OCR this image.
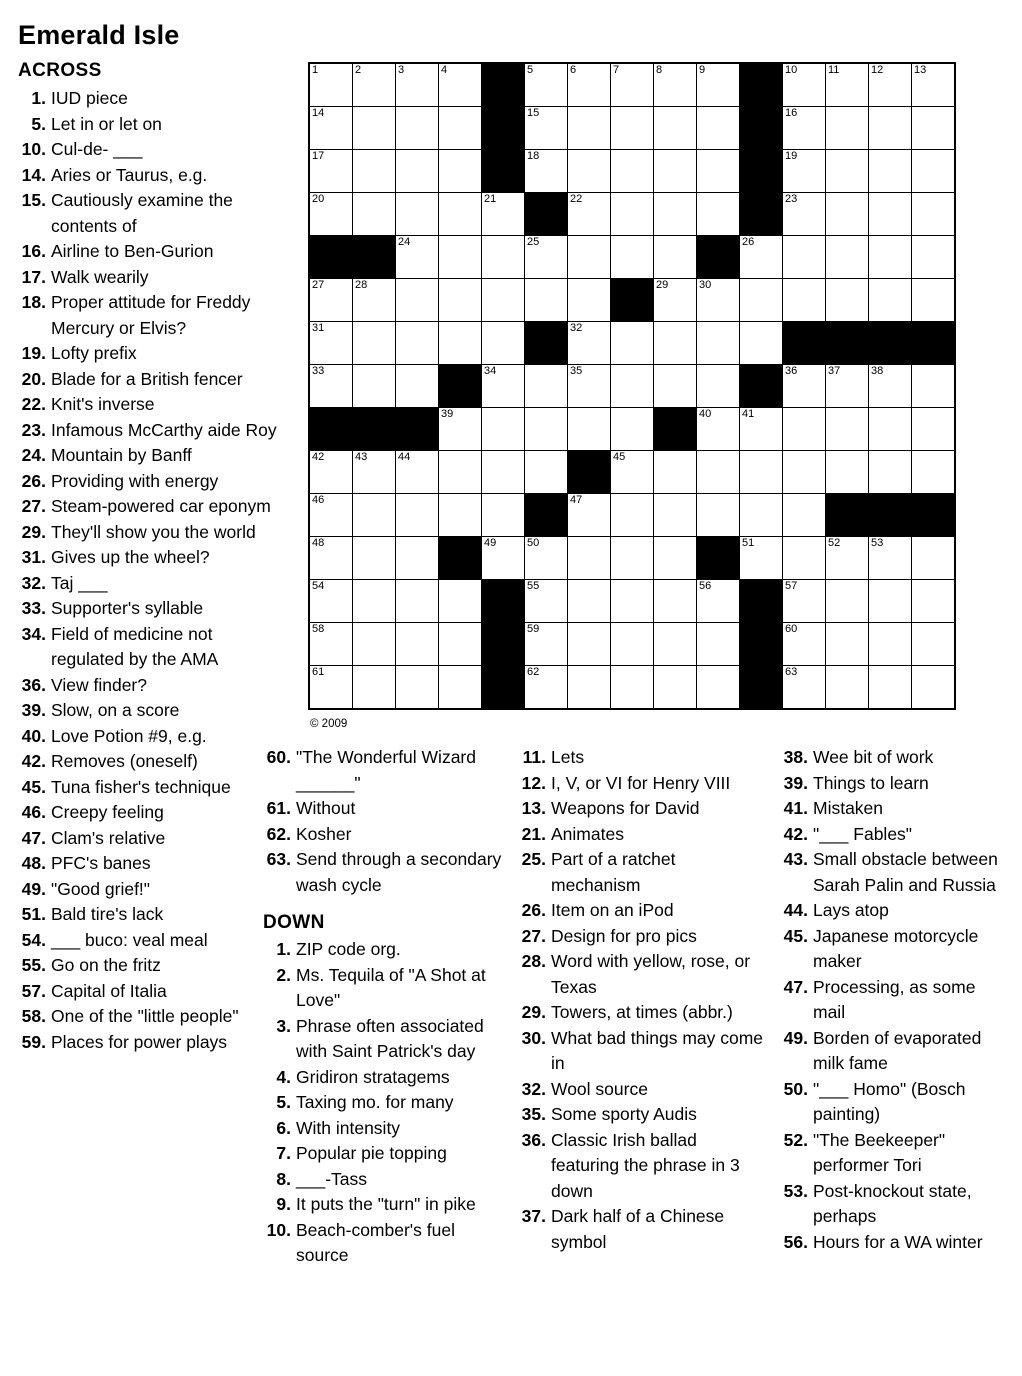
Emerald Isle
ACROSS
1. IUD piece
5. Let in or let on
10. Cul-de- ___
14. Aries or Taurus, e.g.
15. Cautiously examine the contents of
16. Airline to Ben-Gurion
17. Walk wearily
18. Proper attitude for Freddy Mercury or Elvis?
19. Lofty prefix
20. Blade for a British fencer
22. Knit's inverse
23. Infamous McCarthy aide Roy
24. Mountain by Banff
26. Providing with energy
27. Steam-powered car eponym
29. They'll show you the world
31. Gives up the wheel?
32. Taj ___
33. Supporter's syllable
34. Field of medicine not regulated by the AMA
36. View finder?
39. Slow, on a score
40. Love Potion #9, e.g.
42. Removes (oneself)
45. Tuna fisher's technique
46. Creepy feeling
47. Clam's relative
48. PFC's banes
49. "Good grief!"
51. Bald tire's lack
54. ___ buco: veal meal
55. Go on the fritz
57. Capital of Italia
58. One of the "little people"
59. Places for power plays
1	2	3	4		5	6	7	8	9		10	11	12	13

14					15						16			

17					18						19			

20				21		22					23			

		24			25					26				

27	28							29	30					

31						32								

33				34		35					36	37	38	

			39						40	41				

42	43	44					45							

46						47								

48				49	50					51		52	53	

54					55				56		57			

58					59						60			

61					62						63			

© 2009
60. "The Wonderful Wizard ______"
61. Without
62. Kosher
63. Send through a secondary wash cycle
DOWN
1. ZIP code org.
2. Ms. Tequila of "A Shot at Love"
3. Phrase often associated with Saint Patrick's day
4. Gridiron stratagems
5. Taxing mo. for many
6. With intensity
7. Popular pie topping
8. ___-Tass
9. It puts the "turn" in pike
10. Beach-comber's fuel source
11. Lets
12. I, V, or VI for Henry VIII
13. Weapons for David
21. Animates
25. Part of a ratchet mechanism
26. Item on an iPod
27. Design for pro pics
28. Word with yellow, rose, or Texas
29. Towers, at times (abbr.)
30. What bad things may come in
32. Wool source
35. Some sporty Audis
36. Classic Irish ballad featuring the phrase in 3 down
37. Dark half of a Chinese symbol
38. Wee bit of work
39. Things to learn
41. Mistaken
42. "___ Fables"
43. Small obstacle between Sarah Palin and Russia
44. Lays atop
45. Japanese motorcycle maker
47. Processing, as some mail
49. Borden of evaporated milk fame
50. "___ Homo" (Bosch painting)
52. "The Beekeeper" performer Tori
53. Post-knockout state, perhaps
56. Hours for a WA winter
